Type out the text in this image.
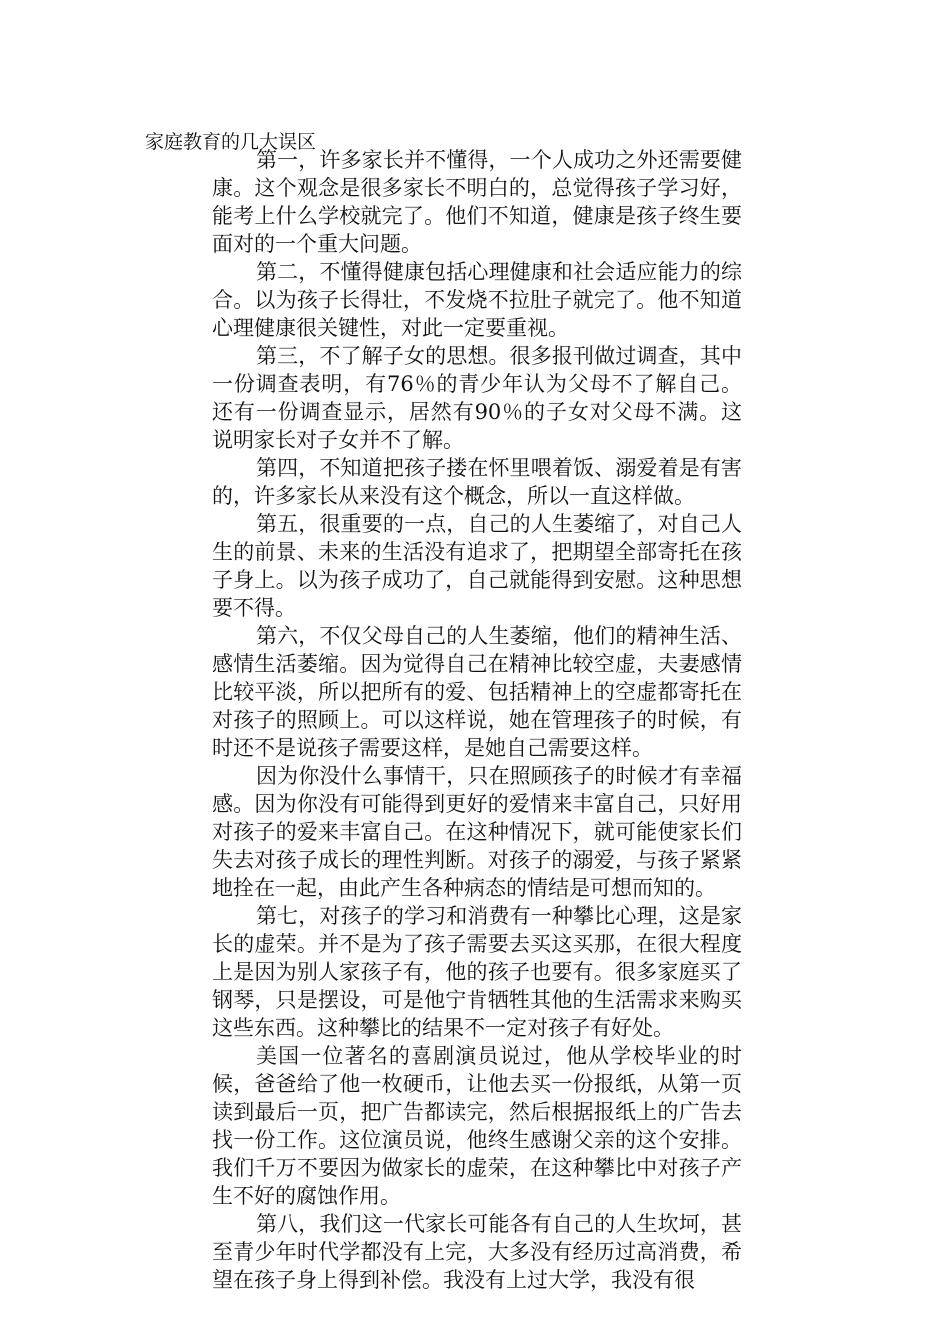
家庭教育的几大误区

第一，许多家长并不懂得，一个人成功之外还需要健康。这个观念是很多家长不明白的，总觉得孩子学习好，能考上什么学校就完了。他们不知道，健康是孩子终生要面对的一个重大问题。

第二，不懂得健康包括心理健康和社会适应能力的综合。以为孩子长得壮，不发烧不拉肚子就完了。他不知道心理健康很关键性，对此一定要重视。

第三，不了解子女的思想。很多报刊做过调查，其中一份调查表明，有76％的青少年认为父母不了解自己。还有一份调查显示，居然有90％的子女对父母不满。这说明家长对子女并不了解。

第四，不知道把孩子搂在怀里喂着饭、溺爱着是有害的，许多家长从来没有这个概念，所以一直这样做。

第五，很重要的一点，自己的人生萎缩了，对自己人生的前景、未来的生活没有追求了，把期望全部寄托在孩子身上。以为孩子成功了，自己就能得到安慰。这种思想要不得。

第六，不仅父母自己的人生萎缩，他们的精神生活、感情生活萎缩。因为觉得自己在精神比较空虚，夫妻感情比较平淡，所以把所有的爱、包括精神上的空虚都寄托在对孩子的照顾上。可以这样说，她在管理孩子的时候，有时还不是说孩子需要这样，是她自己需要这样。

因为你没什么事情干，只在照顾孩子的时候才有幸福感。因为你没有可能得到更好的爱情来丰富自己，只好用对孩子的爱来丰富自己。在这种情况下，就可能使家长们失去对孩子成长的理性判断。对孩子的溺爱，与孩子紧紧地拴在一起，由此产生各种病态的情结是可想而知的。

第七，对孩子的学习和消费有一种攀比心理，这是家长的虚荣。并不是为了孩子需要去买这买那，在很大程度上是因为别人家孩子有，他的孩子也要有。很多家庭买了钢琴，只是摆设，可是他宁肯牺牲其他的生活需求来购买这些东西。这种攀比的结果不一定对孩子有好处。

美国一位著名的喜剧演员说过，他从学校毕业的时候，爸爸给了他一枚硬币，让他去买一份报纸，从第一页读到最后一页，把广告都读完，然后根据报纸上的广告去找一份工作。这位演员说，他终生感谢父亲的这个安排。我们千万不要因为做家长的虚荣，在这种攀比中对孩子产生不好的腐蚀作用。

第八，我们这一代家长可能各有自己的人生坎坷，甚至青少年时代学都没有上完，大多没有经历过高消费，希望在孩子身上得到补偿。我没有上过大学，我没有很
